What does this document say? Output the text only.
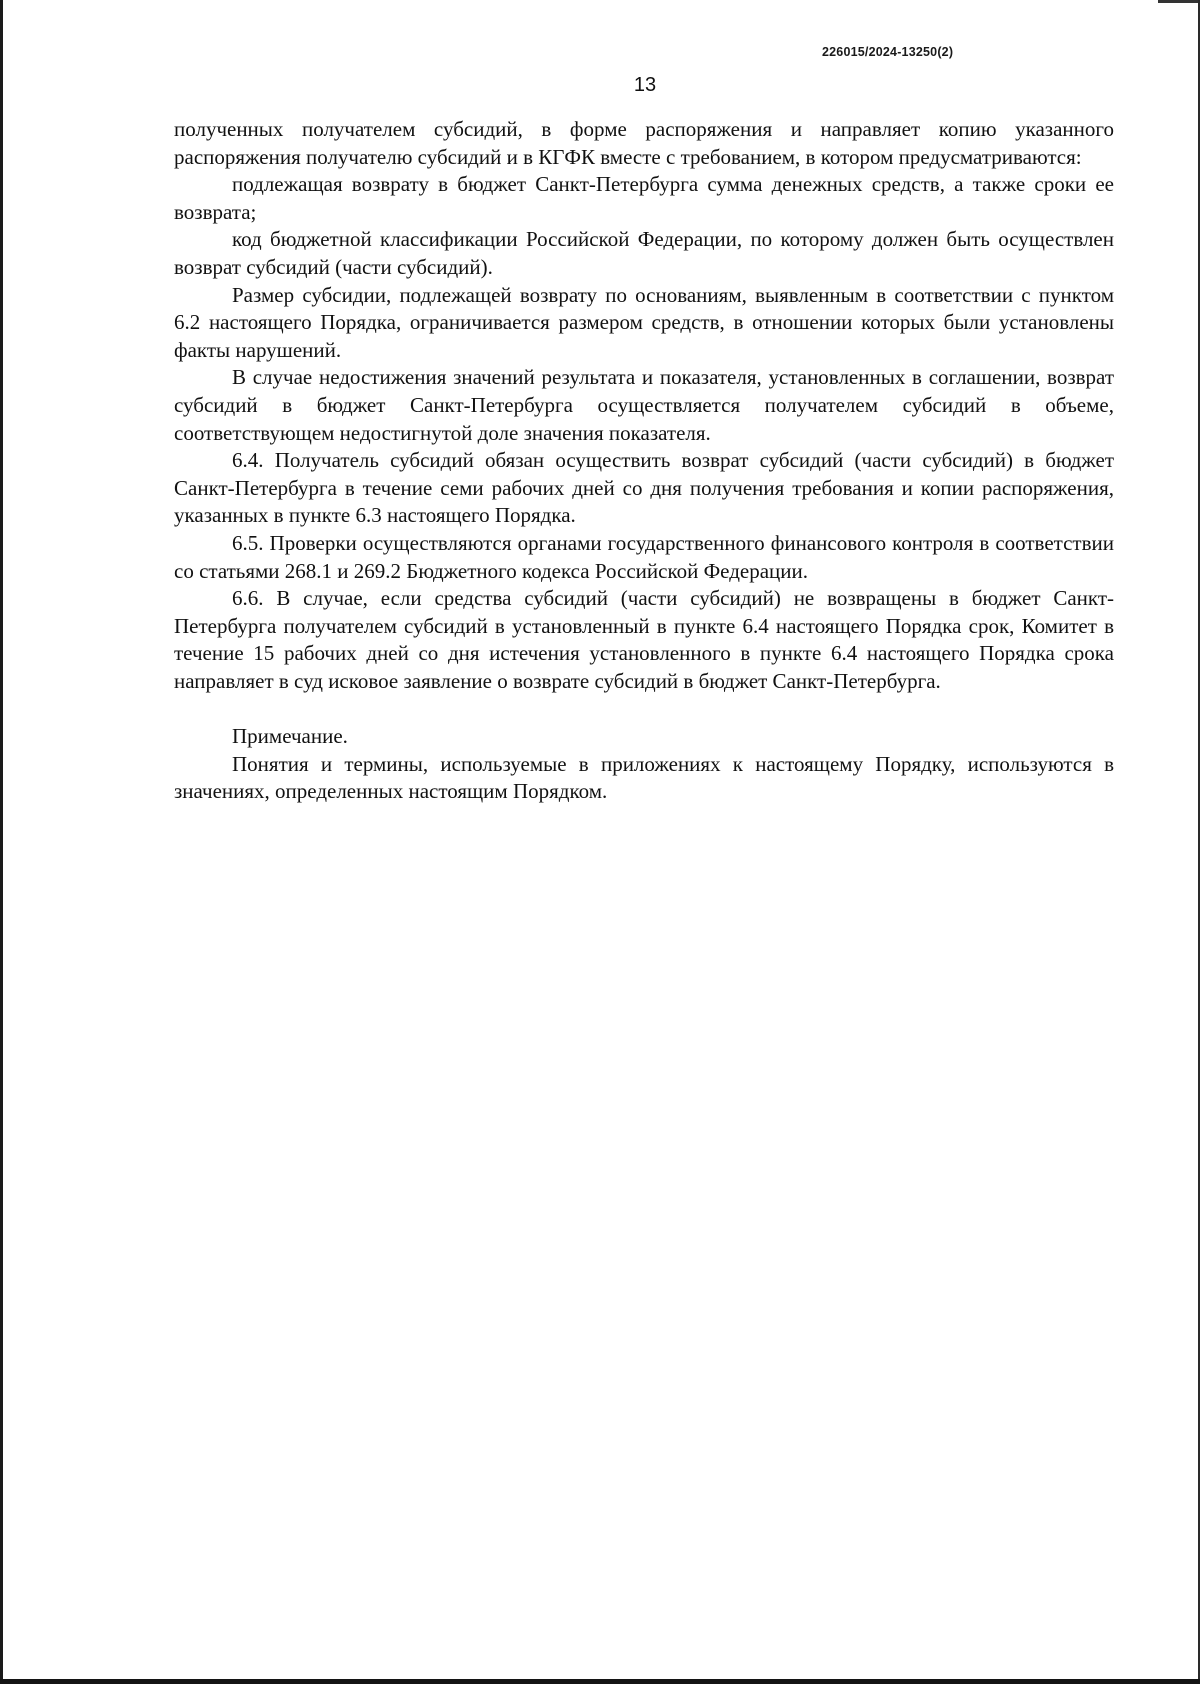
226015/2024-13250(2)
13

полученных получателем субсидий, в форме распоряжения и направляет копию указанного распоряжения получателю субсидий и в КГФК вместе с требованием, в котором предусматриваются:

подлежащая возврату в бюджет Санкт-Петербурга сумма денежных средств, а также сроки ее возврата;

код бюджетной классификации Российской Федерации, по которому должен быть осуществлен возврат субсидий (части субсидий).

Размер субсидии, подлежащей возврату по основаниям, выявленным в соответствии с пунктом 6.2 настоящего Порядка, ограничивается размером средств, в отношении которых были установлены факты нарушений.

В случае недостижения значений результата и показателя, установленных в соглашении, возврат субсидий в бюджет Санкт-Петербурга осуществляется получателем субсидий в объеме, соответствующем недостигнутой доле значения показателя.

6.4. Получатель субсидий обязан осуществить возврат субсидий (части субсидий) в бюджет Санкт-Петербурга в течение семи рабочих дней со дня получения требования и копии распоряжения, указанных в пункте 6.3 настоящего Порядка.

6.5. Проверки осуществляются органами государственного финансового контроля в соответствии со статьями 268.1 и 269.2 Бюджетного кодекса Российской Федерации.

6.6. В случае, если средства субсидий (части субсидий) не возвращены в бюджет Санкт-Петербурга получателем субсидий в установленный в пункте 6.4 настоящего Порядка срок, Комитет в течение 15 рабочих дней со дня истечения установленного в пункте 6.4 настоящего Порядка срока направляет в суд исковое заявление о возврате субсидий в бюджет Санкт-Петербурга.

Примечание.

Понятия и термины, используемые в приложениях к настоящему Порядку, используются в значениях, определенных настоящим Порядком.
